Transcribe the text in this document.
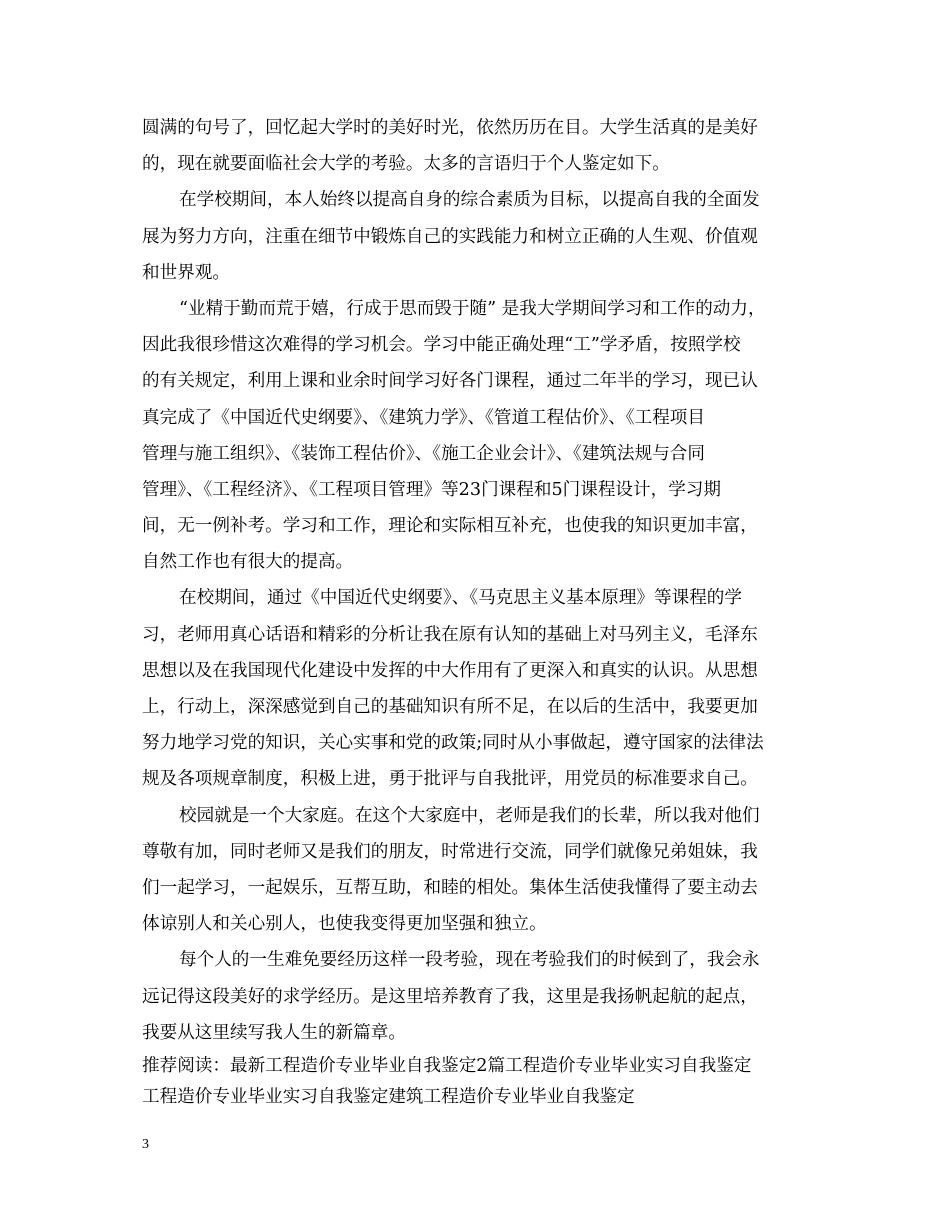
圆满的句号了，回忆起大学时的美好时光，依然历历在目。大学生活真的是美好
的，现在就要面临社会大学的考验。太多的言语归于个人鉴定如下。
在学校期间，本人始终以提高自身的综合素质为目标，以提高自我的全面发
展为努力方向，注重在细节中锻炼自己的实践能力和树立正确的人生观、价值观
和世界观。
“业精于勤而荒于嬉，行成于思而毁于随” 是我大学期间学习和工作的动力，
因此我很珍惜这次难得的学习机会。学习中能正确处理“工”学矛盾，按照学校
的有关规定，利用上课和业余时间学习好各门课程，通过二年半的学习，现已认
真完成了《中国近代史纲要》、《建筑力学》、《管道工程估价》、《工程项目
管理与施工组织》、《装饰工程估价》、《施工企业会计》、《建筑法规与合同
管理》、《工程经济》、《工程项目管理》等23门课程和5门课程设计，学习期
间，无一例补考。学习和工作，理论和实际相互补充，也使我的知识更加丰富，
自然工作也有很大的提高。
在校期间，通过《中国近代史纲要》、《马克思主义基本原理》等课程的学
习，老师用真心话语和精彩的分析让我在原有认知的基础上对马列主义，毛泽东
思想以及在我国现代化建设中发挥的中大作用有了更深入和真实的认识。从思想
上，行动上，深深感觉到自己的基础知识有所不足，在以后的生活中，我要更加
努力地学习党的知识，关心实事和党的政策;同时从小事做起，遵守国家的法律法
规及各项规章制度，积极上进，勇于批评与自我批评，用党员的标准要求自己。
校园就是一个大家庭。在这个大家庭中，老师是我们的长辈，所以我对他们
尊敬有加，同时老师又是我们的朋友，时常进行交流，同学们就像兄弟姐妹，我
们一起学习，一起娱乐，互帮互助，和睦的相处。集体生活使我懂得了要主动去
体谅别人和关心别人，也使我变得更加坚强和独立。
每个人的一生难免要经历这样一段考验，现在考验我们的时候到了，我会永
远记得这段美好的求学经历。是这里培养教育了我，这里是我扬帆起航的起点，
我要从这里续写我人生的新篇章。
推荐阅读：最新工程造价专业毕业自我鉴定2篇工程造价专业毕业实习自我鉴定
工程造价专业毕业实习自我鉴定建筑工程造价专业毕业自我鉴定
3
